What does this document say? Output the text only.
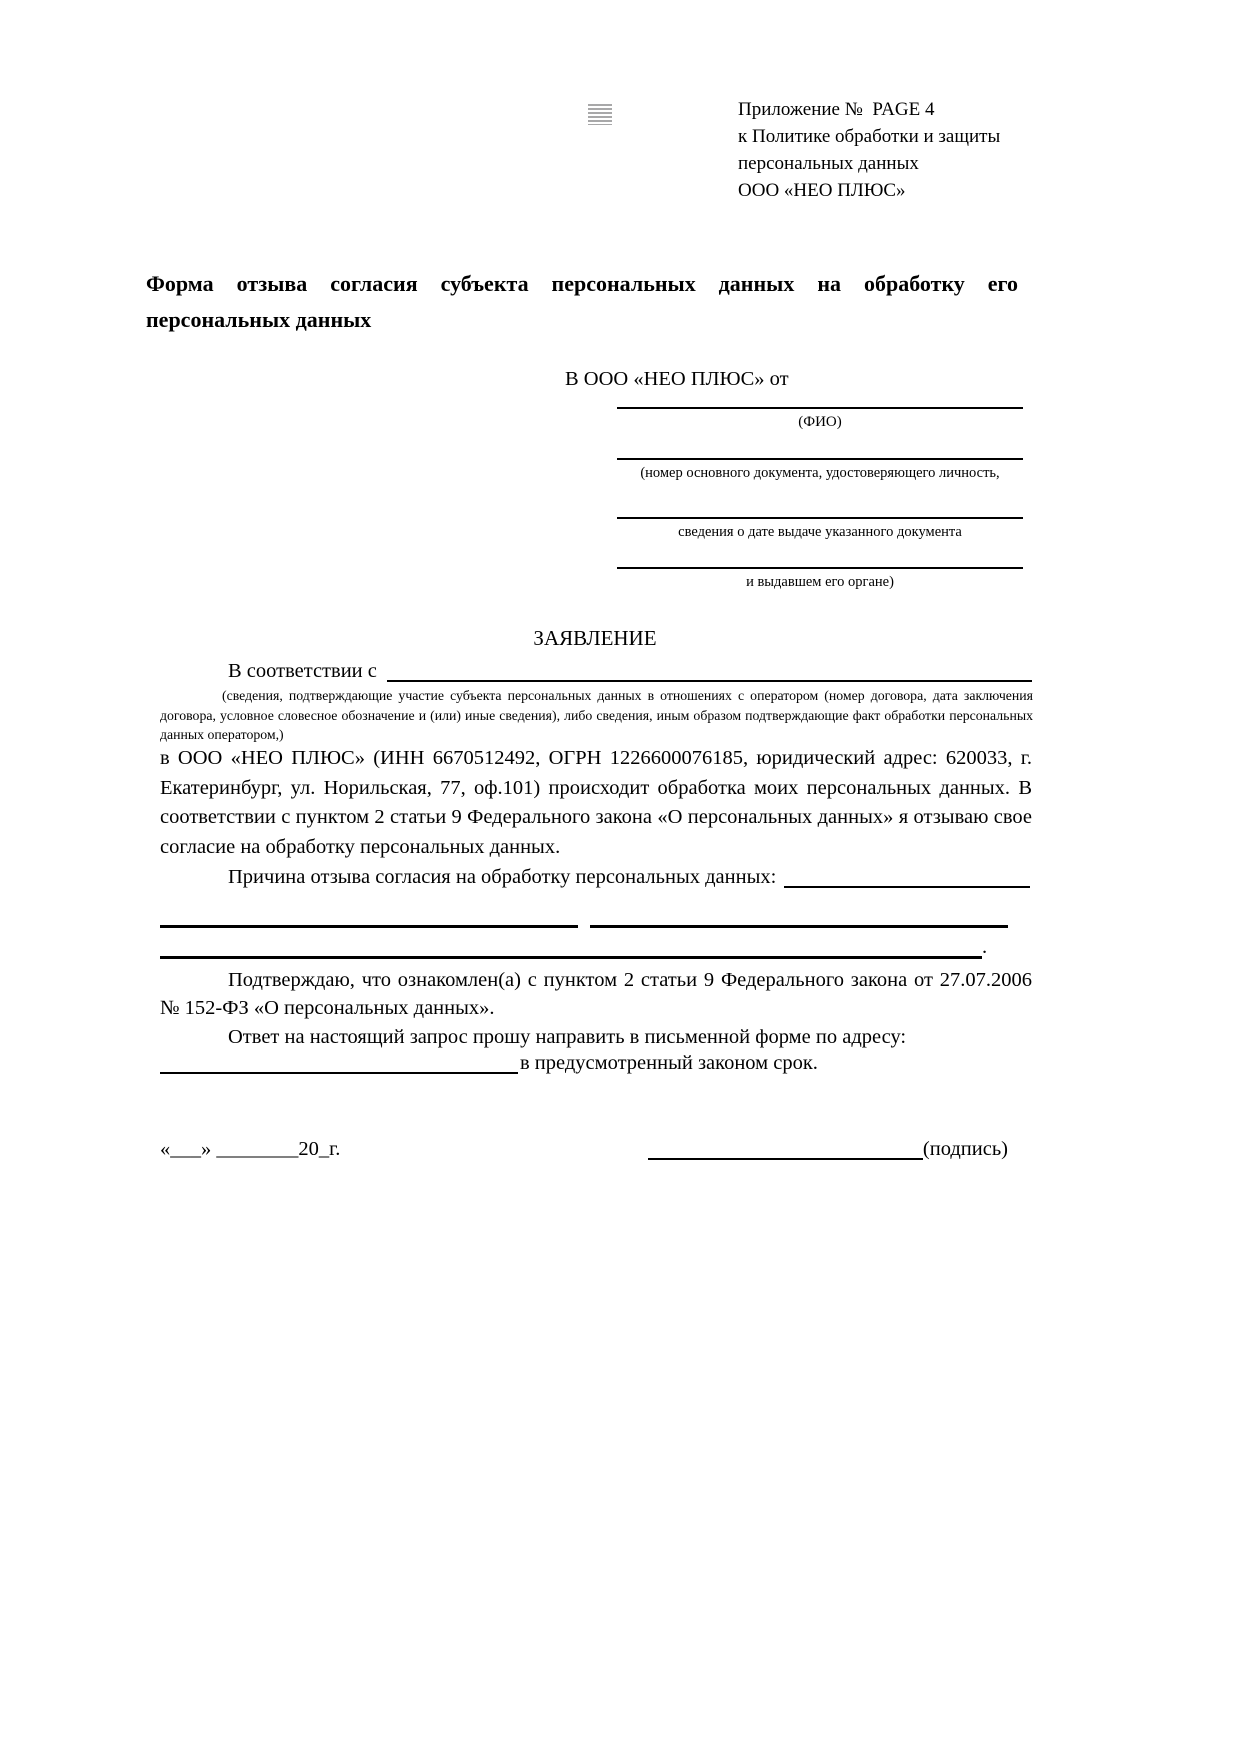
Приложение №  PAGE 4
к Политике обработки и защиты
персональных данных
ООО «НЕО ПЛЮС»
Форма отзыва согласия субъекта персональных данных на обработку его персональных данных
В ООО «НЕО ПЛЮС» от
(ФИО)
(номер основного документа, удостоверяющего личность,
сведения о дате выдаче указанного документа
и выдавшем его органе)
ЗАЯВЛЕНИЕ
В соответствии с
(сведения, подтверждающие участие субъекта персональных данных в отношениях с оператором (номер договора, дата заключения договора, условное словесное обозначение и (или) иные сведения), либо сведения, иным образом подтверждающие факт обработки персональных данных оператором,)
в ООО «НЕО ПЛЮС» (ИНН 6670512492, ОГРН 1226600076185, юридический адрес: 620033, г. Екатеринбург, ул. Норильская, 77, оф.101) происходит обработка моих персональных данных. В соответствии с пунктом 2 статьи 9 Федерального закона «О персональных данных» я отзываю свое согласие на обработку персональных данных.
Причина отзыва согласия на обработку персональных данных:
.
Подтверждаю, что ознакомлен(а) с пунктом 2 статьи 9 Федерального закона от 27.07.2006 № 152-ФЗ «О персональных данных».
Ответ на настоящий запрос прошу направить в письменной форме по адресу:
в предусмотренный законом срок.
«___» ________20_г.	(подпись)
